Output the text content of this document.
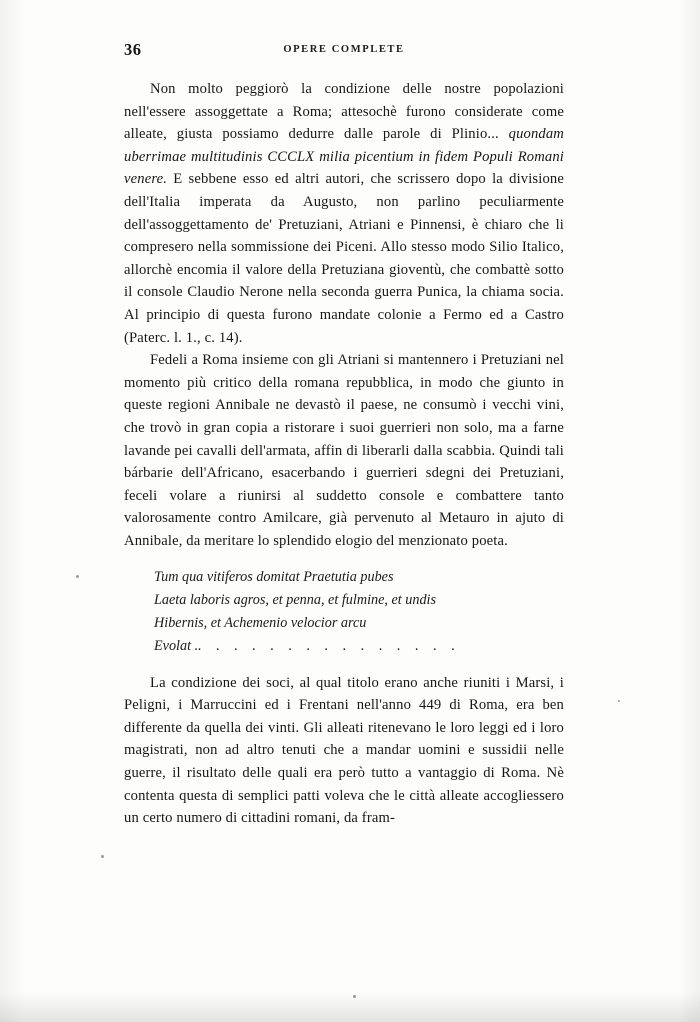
36	OPERE COMPLETE

Non molto peggiorò la condizione delle nostre popolazioni nell'essere assoggettate a Roma; attesochè furono considerate come alleate, giusta possiamo dedurre dalle parole di Plinio... quondam uberrimae multitudinis CCCLX milia picentium in fidem Populi Romani venere. E sebbene esso ed altri autori, che scrissero dopo la divisione dell'Italia imperata da Augusto, non parlino peculiarmente dell'assoggettamento de' Pretuziani, Atriani e Pinnensi, è chiaro che li compresero nella sommissione dei Piceni. Allo stesso modo Silio Italico, allorchè encomia il valore della Pretuziana gioventù, che combattè sotto il console Claudio Nerone nella seconda guerra Punica, la chiama socia. Al principio di questa furono mandate colonie a Fermo ed a Castro (Paterc. l. 1., c. 14).

Fedeli a Roma insieme con gli Atriani si mantennero i Pretuziani nel momento più critico della romana repubblica, in modo che giunto in queste regioni Annibale ne devastò il paese, ne consumò i vecchi vini, che trovò in gran copia a ristorare i suoi guerrieri non solo, ma a farne lavande pei cavalli dell'armata, affin di liberarli dalla scabbia. Quindi tali bárbarie dell'Africano, esacerbando i guerrieri sdegni dei Pretuziani, feceli volare a riunirsi al suddetto console e combattere tanto valorosamente contro Amilcare, già pervenuto al Metauro in ajuto di Annibale, da meritare lo splendido elogio del menzionato poeta.

Tum qua vitiferos domitat Praetutia pubes
Laeta laboris agros, et penna, et fulmine, et undis
Hibernis, et Achemenio velocior arcu
Evolat .. . . . . . . . . . . . . . .

La condizione dei soci, al qual titolo erano anche riuniti i Marsi, i Peligni, i Marruccini ed i Frentani nell'anno 449 di Roma, era ben differente da quella dei vinti. Gli alleati ritenevano le loro leggi ed i loro magistrati, non ad altro tenuti che a mandar uomini e sussidii nelle guerre, il risultato delle quali era però tutto a vantaggio di Roma. Nè contenta questa di semplici patti voleva che le città alleate accogliessero un certo numero di cittadini romani, da fram-
